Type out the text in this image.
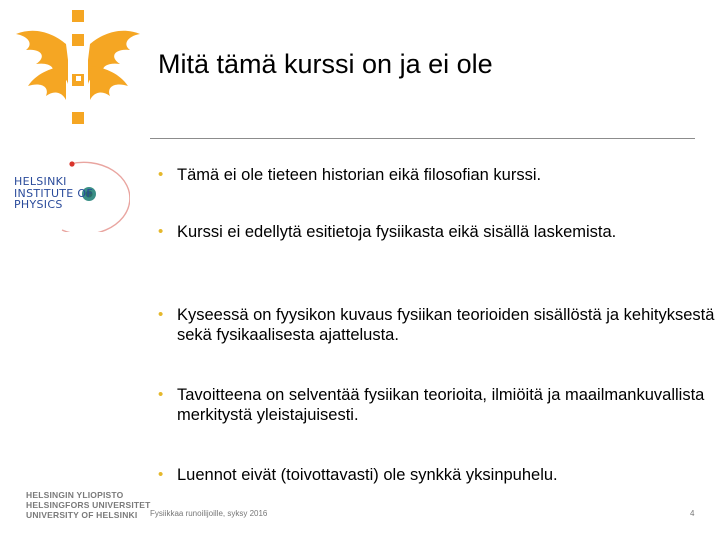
Mitä tämä kurssi on ja ei ole
HELSINKI
INSTITUTE OF
PHYSICS
• Tämä ei ole tieteen historian eikä filosofian kurssi.
• Kurssi ei edellytä esitietoja fysiikasta eikä sisällä laskemista.
• Kyseessä on fyysikon kuvaus fysiikan teorioiden sisällöstä ja kehityksestä sekä fysikaalisesta ajattelusta.
• Tavoitteena on selventää fysiikan teorioita, ilmiöitä ja maailmankuvallista merkitystä yleistajuisesti.
• Luennot eivät (toivottavasti) ole synkkä yksinpuhelu.
HELSINGIN YLIOPISTO
HELSINGFORS UNIVERSITET
UNIVERSITY OF HELSINKI	Fysiikkaa runoilijoille, syksy 2016	4
